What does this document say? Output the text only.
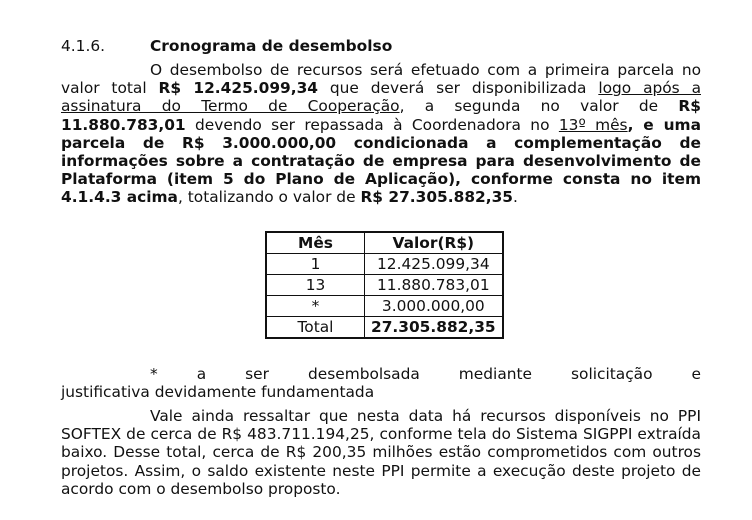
4.1.6.	Cronograma de desembolso
O desembolso de recursos será efetuado com a primeira parcela no
valor total R$ 12.425.099,34 que deverá ser disponibilizada logo após a
assinatura do Termo de Cooperação, a segunda no valor de R$
11.880.783,01 devendo ser repassada à Coordenadora no 13º mês, e uma
parcela de R$ 3.000.000,00 condicionada a complementação de
informações sobre a contratação de empresa para desenvolvimento de
Plataforma (item 5 do Plano de Aplicação), conforme consta no item
4.1.4.3 acima, totalizando o valor de R$ 27.305.882,35.
Mês	Valor(R$)
1	12.425.099,34
13	11.880.783,01
*	3.000.000,00
Total	27.305.882,35
* a ser desembolsada mediante solicitação e
justificativa devidamente fundamentada
Vale ainda ressaltar que nesta data há recursos disponíveis no PPI
SOFTEX de cerca de R$ 483.711.194,25, conforme tela do Sistema SIGPPI extraída
baixo. Desse total, cerca de R$ 200,35 milhões estão comprometidos com outros
projetos. Assim, o saldo existente neste PPI permite a execução deste projeto de
acordo com o desembolso proposto.
